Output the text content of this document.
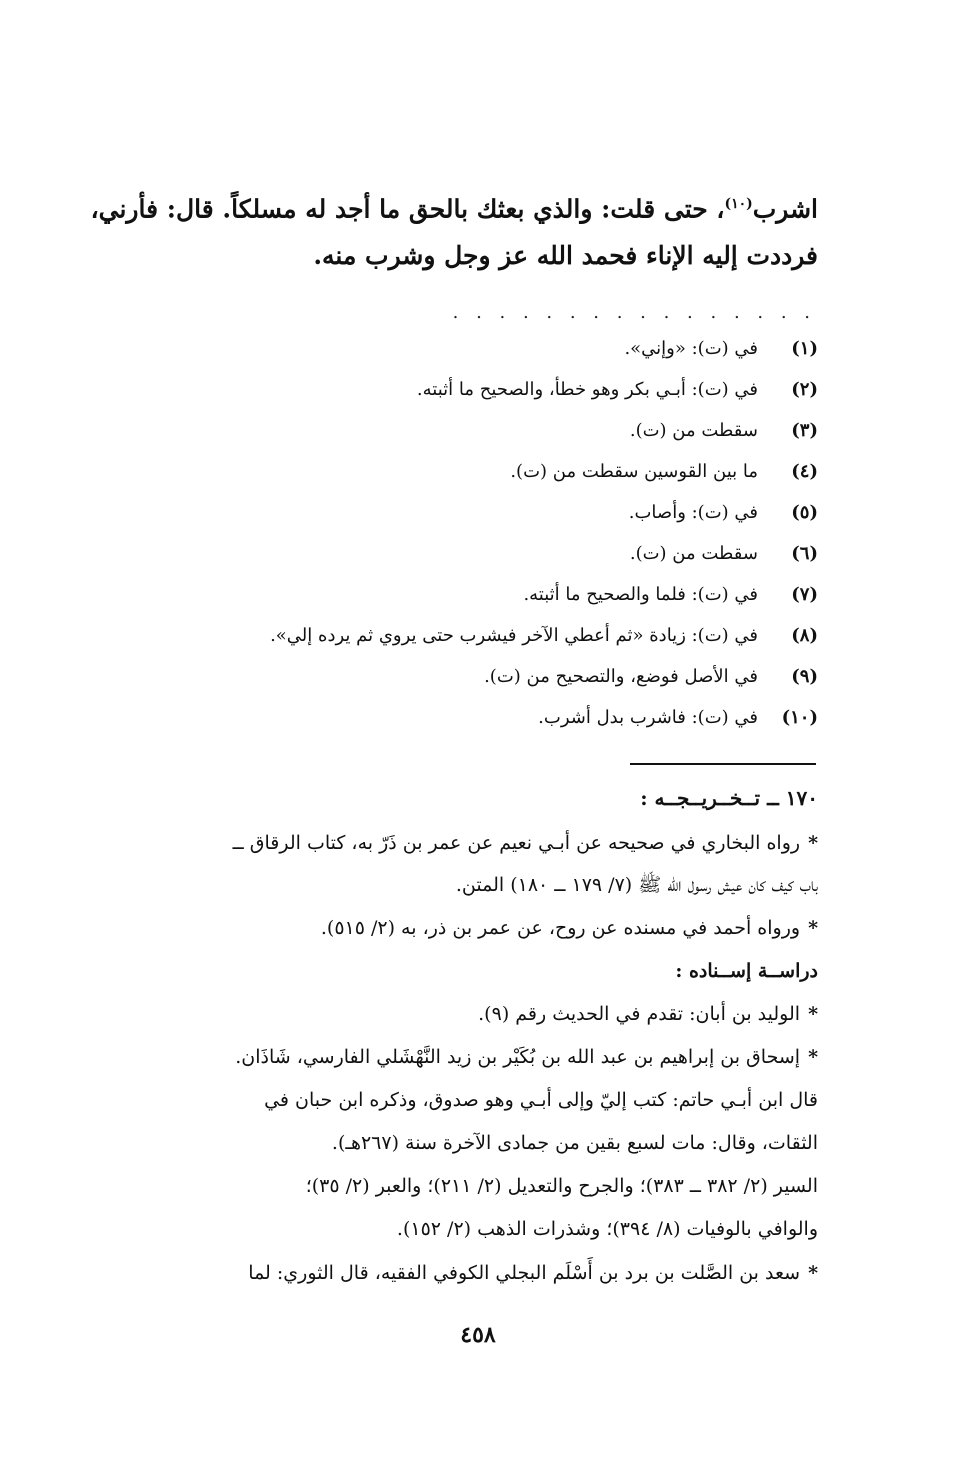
اشرب$^{(١٠)}$، حتى قلت: والذي بعثك بالحق ما أجد له مسلكاً. قال: فأرني،
فرددت إليه الإناء فحمد الله عز وجل وشرب منه.
. . . . . . . . . . . . . . . .
(١)
في (ت): «وإني».
(٢)
في (ت): أبـي بكر وهو خطأ، والصحيح ما أثبته.
(٣)
سقطت من (ت).
(٤)
ما بين القوسين سقطت من (ت).
(٥)
في (ت): وأصاب.
(٦)
سقطت من (ت).
(٧)
في (ت): فلما والصحيح ما أثبته.
(٨)
في (ت): زيادة «ثم أعطي الآخر فيشرب حتى يروي ثم يرده إلي».
(٩)
في الأصل فوضع، والتصحيح من (ت).
(١٠)
في (ت): فاشرب بدل أشرب.
١٧٠ ــ تــخــريــجــه :
*رواه البخاري في صحيحه عن أبـي نعيم عن عمر بن ذَرّ به، كتاب الرقاق ــ
باب كيف كان عيش رسول الله ﷺ (٧/ ١٧٩ ــ ١٨٠) المتن.
*ورواه أحمد في مسنده عن روح، عن عمر بن ذر، به (٢/ ٥١٥).
دراســة إســناده :
*الوليد بن أبان: تقدم في الحديث رقم (٩).
*إسحاق بن إبراهيم بن عبد الله بن بُكَيْر بن زيد النَّهْشَلي الفارسي، شَاذَان.
قال ابن أبـي حاتم: كتب إليّ وإلى أبـي وهو صدوق، وذكره ابن حبان في
الثقات، وقال: مات لسبع بقين من جمادى الآخرة سنة (٢٦٧هـ).
السير (٢/ ٣٨٢ ــ ٣٨٣)؛ والجرح والتعديل (٢/ ٢١١)؛ والعبر (٢/ ٣٥)؛
والوافي بالوفيات (٨/ ٣٩٤)؛ وشذرات الذهب (٢/ ١٥٢).
*سعد بن الصَّلت بن برد بن أَسْلَم البجلي الكوفي الفقيه، قال الثوري: لما
٤٥٨
